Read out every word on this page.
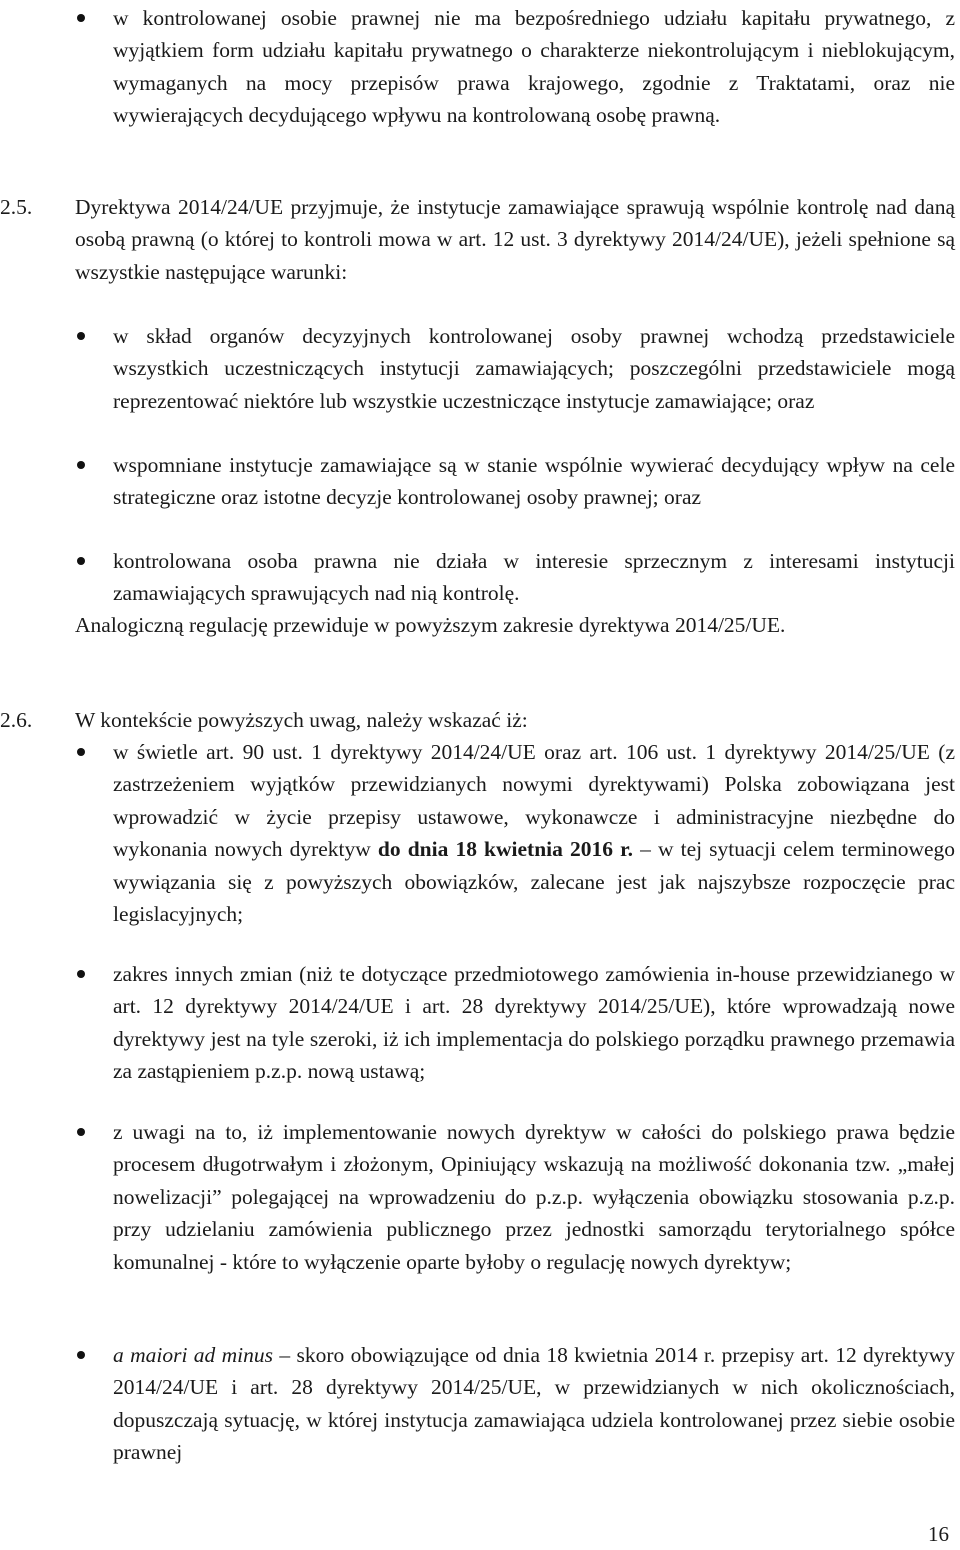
w kontrolowanej osobie prawnej nie ma bezpośredniego udziału kapitału prywatnego, z wyjątkiem form udziału kapitału prywatnego o charakterze niekontrolującym i nieblokującym, wymaganych na mocy przepisów prawa krajowego, zgodnie z Traktatami, oraz nie wywierających decydującego wpływu na kontrolowaną osobę prawną.
2.5. Dyrektywa 2014/24/UE przyjmuje, że instytucje zamawiające sprawują wspólnie kontrolę nad daną osobą prawną (o której to kontroli mowa w art. 12 ust. 3 dyrektywy 2014/24/UE), jeżeli spełnione są wszystkie następujące warunki:
w skład organów decyzyjnych kontrolowanej osoby prawnej wchodzą przedstawiciele wszystkich uczestniczących instytucji zamawiających; poszczególni przedstawiciele mogą reprezentować niektóre lub wszystkie uczestniczące instytucje zamawiające; oraz
wspomniane instytucje zamawiające są w stanie wspólnie wywierać decydujący wpływ na cele strategiczne oraz istotne decyzje kontrolowanej osoby prawnej; oraz
kontrolowana osoba prawna nie działa w interesie sprzecznym z interesami instytucji zamawiających sprawujących nad nią kontrolę.
Analogiczną regulację przewiduje w powyższym zakresie dyrektywa 2014/25/UE.
2.6. W kontekście powyższych uwag, należy wskazać iż:
w świetle art. 90 ust. 1 dyrektywy 2014/24/UE oraz art. 106 ust. 1 dyrektywy 2014/25/UE (z zastrzeżeniem wyjątków przewidzianych nowymi dyrektywami) Polska zobowiązana jest wprowadzić w życie przepisy ustawowe, wykonawcze i administracyjne niezbędne do wykonania nowych dyrektyw do dnia 18 kwietnia 2016 r. – w tej sytuacji celem terminowego wywiązania się z powyższych obowiązków, zalecane jest jak najszybsze rozpoczęcie prac legislacyjnych;
zakres innych zmian (niż te dotyczące przedmiotowego zamówienia in-house przewidzianego w art. 12 dyrektywy 2014/24/UE i art. 28 dyrektywy 2014/25/UE), które wprowadzają nowe dyrektywy jest na tyle szeroki, iż ich implementacja do polskiego porządku prawnego przemawia za zastąpieniem p.z.p. nową ustawą;
z uwagi na to, iż implementowanie nowych dyrektyw w całości do polskiego prawa będzie procesem długotrwałym i złożonym, Opiniujący wskazują na możliwość dokonania tzw. „małej nowelizacji” polegającej na wprowadzeniu do p.z.p. wyłączenia obowiązku stosowania p.z.p. przy udzielaniu zamówienia publicznego przez jednostki samorządu terytorialnego spółce komunalnej - które to wyłączenie oparte byłoby o regulację nowych dyrektyw;
a maiori ad minus – skoro obowiązujące od dnia 18 kwietnia 2014 r. przepisy art. 12 dyrektywy 2014/24/UE i art. 28 dyrektywy 2014/25/UE, w przewidzianych w nich okolicznościach, dopuszczają sytuację, w której instytucja zamawiająca udziela kontrolowanej przez siebie osobie prawnej
16
